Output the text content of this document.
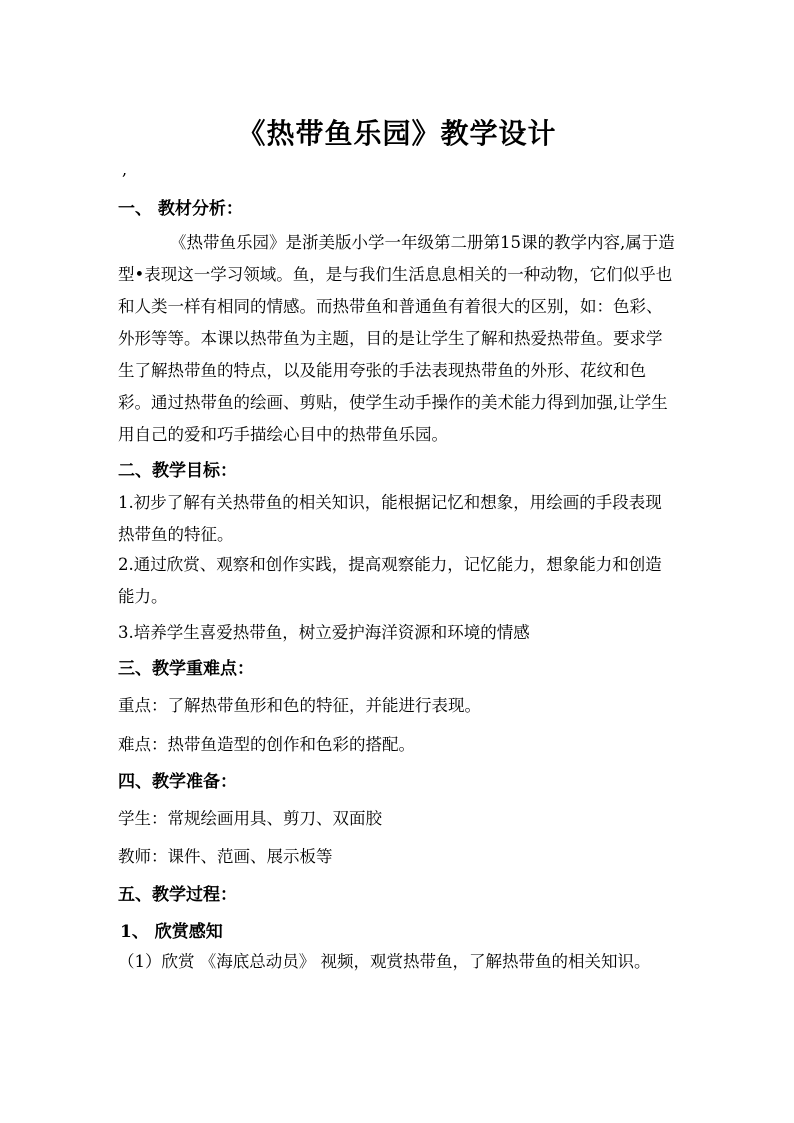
《热带鱼乐园》教学设计
,
一、 教材分析：

《热带鱼乐园》是浙美版小学一年级第二册第15课的教学内容,属于造型•表现这一学习领域。鱼，是与我们生活息息相关的一种动物，它们似乎也和人类一样有相同的情感。而热带鱼和普通鱼有着很大的区别，如：色彩、外形等等。本课以热带鱼为主题，目的是让学生了解和热爱热带鱼。要求学生了解热带鱼的特点，以及能用夸张的手法表现热带鱼的外形、花纹和色彩。通过热带鱼的绘画、剪贴，使学生动手操作的美术能力得到加强,让学生用自己的爱和巧手描绘心目中的热带鱼乐园。

二、教学目标：

1.初步了解有关热带鱼的相关知识，能根据记忆和想象，用绘画的手段表现热带鱼的特征。

2.通过欣赏、观察和创作实践，提高观察能力，记忆能力，想象能力和创造能力。

3.培养学生喜爱热带鱼，树立爱护海洋资源和环境的情感
三、教学重难点：
重点：了解热带鱼形和色的特征，并能进行表现。
难点：热带鱼造型的创作和色彩的搭配。
四、教学准备：
学生：常规绘画用具、剪刀、双面胶
教师：课件、范画、展示板等
五、教学过程：
1、 欣赏感知

（1）欣赏 《海底总动员》 视频，观赏热带鱼，了解热带鱼的相关知识。
